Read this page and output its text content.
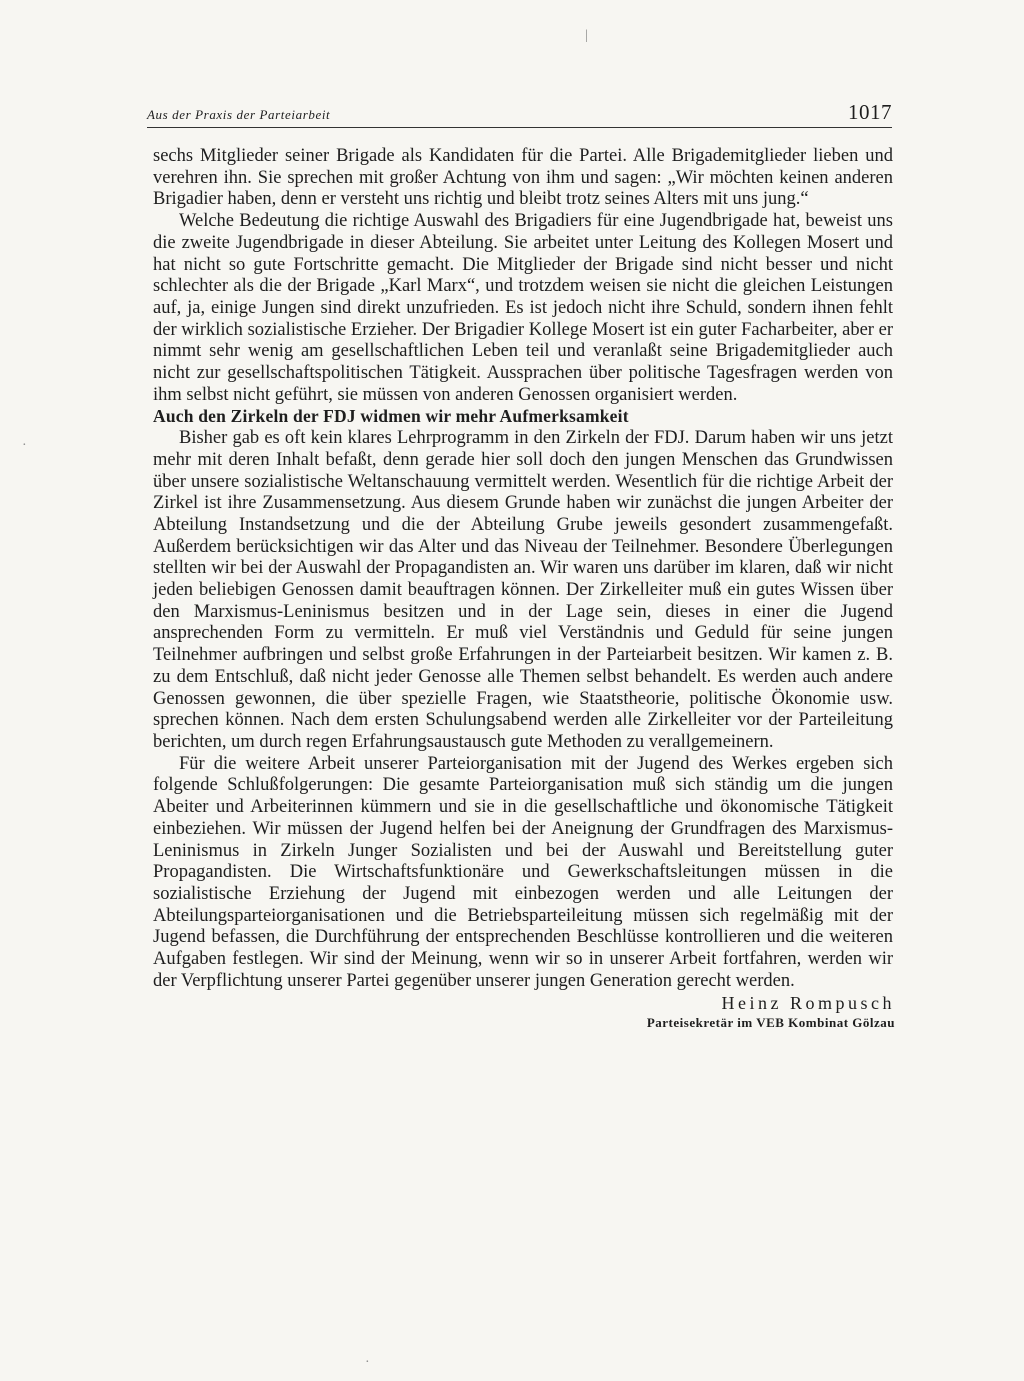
Aus der Praxis der Parteiarbeit	1017

sechs Mitglieder seiner Brigade als Kandidaten für die Partei. Alle Brigademitglieder lieben und verehren ihn. Sie sprechen mit großer Achtung von ihm und sagen: „Wir möchten keinen anderen Brigadier haben, denn er versteht uns richtig und bleibt trotz seines Alters mit uns jung.“

Welche Bedeutung die richtige Auswahl des Brigadiers für eine Jugendbrigade hat, beweist uns die zweite Jugendbrigade in dieser Abteilung. Sie arbeitet unter Leitung des Kollegen Mosert und hat nicht so gute Fortschritte gemacht. Die Mitglieder der Brigade sind nicht besser und nicht schlechter als die der Brigade „Karl Marx“, und trotzdem weisen sie nicht die gleichen Leistungen auf, ja, einige Jungen sind direkt unzufrieden. Es ist jedoch nicht ihre Schuld, sondern ihnen fehlt der wirklich sozialistische Erzieher. Der Brigadier Kollege Mosert ist ein guter Facharbeiter, aber er nimmt sehr wenig am gesellschaftlichen Leben teil und veranlaßt seine Brigademitglieder auch nicht zur gesellschaftspolitischen Tätigkeit. Aussprachen über politische Tagesfragen werden von ihm selbst nicht geführt, sie müssen von anderen Genossen organisiert werden.

Auch den Zirkeln der FDJ widmen wir mehr Aufmerksamkeit

Bisher gab es oft kein klares Lehrprogramm in den Zirkeln der FDJ. Darum haben wir uns jetzt mehr mit deren Inhalt befaßt, denn gerade hier soll doch den jungen Menschen das Grundwissen über unsere sozialistische Weltanschauung vermittelt werden. Wesentlich für die richtige Arbeit der Zirkel ist ihre Zusammensetzung. Aus diesem Grunde haben wir zunächst die jungen Arbeiter der Abteilung Instandsetzung und die der Abteilung Grube jeweils gesondert zusammengefaßt. Außerdem berücksichtigen wir das Alter und das Niveau der Teilnehmer. Besondere Überlegungen stellten wir bei der Auswahl der Propagandisten an. Wir waren uns darüber im klaren, daß wir nicht jeden beliebigen Genossen damit beauftragen können. Der Zirkelleiter muß ein gutes Wissen über den Marxismus-Leninismus besitzen und in der Lage sein, dieses in einer die Jugend ansprechenden Form zu vermitteln. Er muß viel Verständnis und Geduld für seine jungen Teilnehmer aufbringen und selbst große Erfahrungen in der Parteiarbeit besitzen. Wir kamen z. B. zu dem Entschluß, daß nicht jeder Genosse alle Themen selbst behandelt. Es werden auch andere Genossen gewonnen, die über spezielle Fragen, wie Staatstheorie, politische Ökonomie usw. sprechen können. Nach dem ersten Schulungsabend werden alle Zirkelleiter vor der Parteileitung berichten, um durch regen Erfahrungsaustausch gute Methoden zu verallgemeinern.

Für die weitere Arbeit unserer Parteiorganisation mit der Jugend des Werkes ergeben sich folgende Schlußfolgerungen: Die gesamte Parteiorganisation muß sich ständig um die jungen Abeiter und Arbeiterinnen kümmern und sie in die gesellschaftliche und ökonomische Tätigkeit einbeziehen. Wir müssen der Jugend helfen bei der Aneignung der Grundfragen des Marxismus-Leninismus in Zirkeln Junger Sozialisten und bei der Auswahl und Bereitstellung guter Propagandisten. Die Wirtschaftsfunktionäre und Gewerkschaftsleitungen müssen in die sozialistische Erziehung der Jugend mit einbezogen werden und alle Leitungen der Abteilungsparteiorganisationen und die Betriebsparteileitung müssen sich regelmäßig mit der Jugend befassen, die Durchführung der entsprechenden Beschlüsse kontrollieren und die weiteren Aufgaben festlegen. Wir sind der Meinung, wenn wir so in unserer Arbeit fortfahren, werden wir der Verpflichtung unserer Partei gegenüber unserer jungen Generation gerecht werden.

Heinz Rompusch
Parteisekretär im VEB Kombinat Gölzau
|
·
·
